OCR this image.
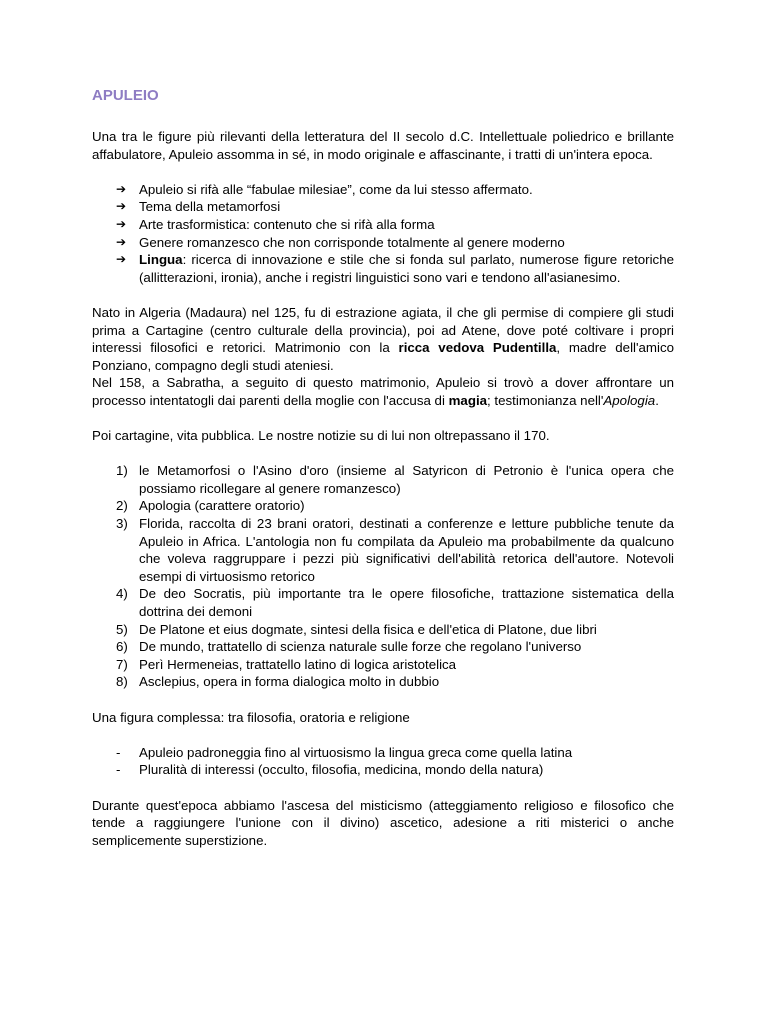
APULEIO

Una tra le figure più rilevanti della letteratura del II secolo d.C. Intellettuale poliedrico e brillante affabulatore, Apuleio assomma in sé, in modo originale e affascinante, i tratti di un'intera epoca.

➔ Apuleio si rifà alle “fabulae milesiae”, come da lui stesso affermato.
➔ Tema della metamorfosi
➔ Arte trasformistica: contenuto che si rifà alla forma
➔ Genere romanzesco che non corrisponde totalmente al genere moderno
➔ Lingua: ricerca di innovazione e stile che si fonda sul parlato, numerose figure retoriche (allitterazioni, ironia), anche i registri linguistici sono vari e tendono all'asianesimo.

Nato in Algeria (Madaura) nel 125, fu di estrazione agiata, il che gli permise di compiere gli studi prima a Cartagine (centro culturale della provincia), poi ad Atene, dove poté coltivare i propri interessi filosofici e retorici. Matrimonio con la ricca vedova Pudentilla, madre dell'amico Ponziano, compagno degli studi ateniesi.

Nel 158, a Sabratha, a seguito di questo matrimonio, Apuleio si trovò a dover affrontare un processo intentatogli dai parenti della moglie con l'accusa di magia; testimonianza nell'Apologia.

Poi cartagine, vita pubblica. Le nostre notizie su di lui non oltrepassano il 170.

1) le Metamorfosi o l'Asino d'oro (insieme al Satyricon di Petronio è l'unica opera che possiamo ricollegare al genere romanzesco)
2) Apologia (carattere oratorio)
3) Florida, raccolta di 23 brani oratori, destinati a conferenze e letture pubbliche tenute da Apuleio in Africa. L'antologia non fu compilata da Apuleio ma probabilmente da qualcuno che voleva raggruppare i pezzi più significativi dell'abilità retorica dell'autore. Notevoli esempi di virtuosismo retorico
4) De deo Socratis, più importante tra le opere filosofiche, trattazione sistematica della dottrina dei demoni
5) De Platone et eius dogmate, sintesi della fisica e dell'etica di Platone, due libri
6) De mundo, trattatello di scienza naturale sulle forze che regolano l'universo
7) Perì Hermeneias, trattatello latino di logica aristotelica
8) Asclepius, opera in forma dialogica molto in dubbio

Una figura complessa: tra filosofia, oratoria e religione

- Apuleio padroneggia fino al virtuosismo la lingua greca come quella latina
- Pluralità di interessi (occulto, filosofia, medicina, mondo della natura)

Durante quest'epoca abbiamo l'ascesa del misticismo (atteggiamento religioso e filosofico che tende a raggiungere l'unione con il divino) ascetico, adesione a riti misterici o anche semplicemente superstizione.
